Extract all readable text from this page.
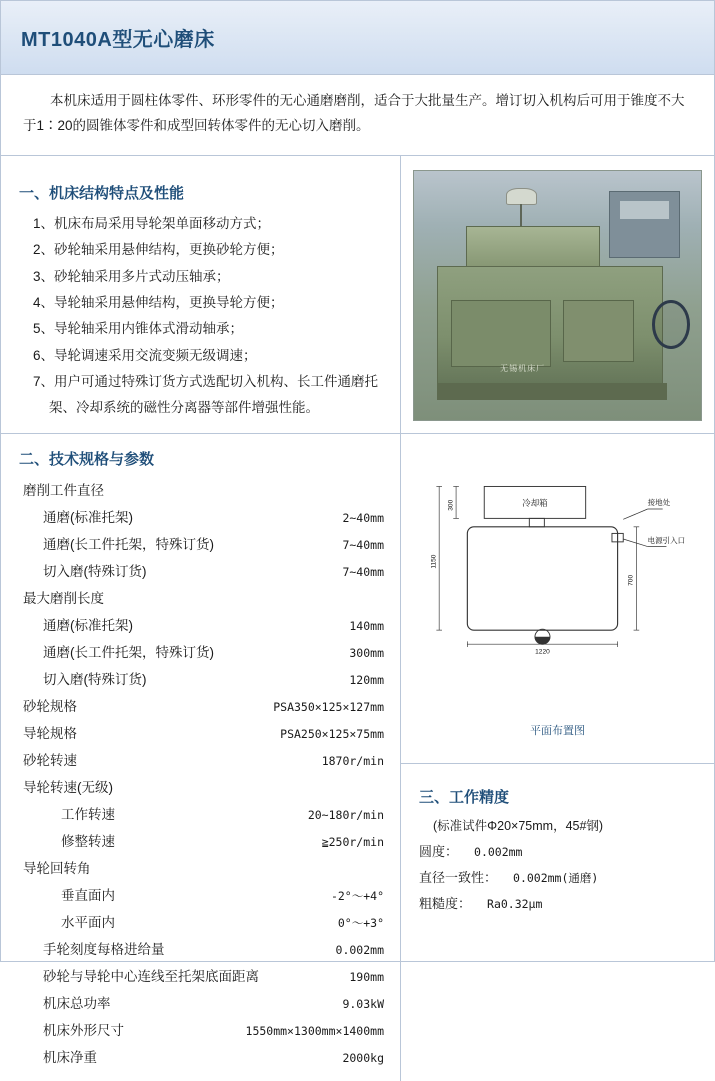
MT1040A型无心磨床

本机床适用于圆柱体零件、环形零件的无心通磨磨削，适合于大批量生产。增订切入机构后可用于锥度不大于1∶20的圆锥体零件和成型回转体零件的无心切入磨削。

一、机床结构特点及性能
1、机床布局采用导轮架单面移动方式；
2、砂轮轴采用悬伸结构，更换砂轮方便；
3、砂轮轴采用多片式动压轴承；
4、导轮轴采用悬伸结构，更换导轮方便；
5、导轮轴采用内锥体式滑动轴承；
6、导轮调速采用交流变频无级调速；
7、用户可通过特殊订货方式选配切入机构、长工件通磨托
架、冷却系统的磁性分离器等部件增强性能。
无锡机床厂
二、技术规格与参数
磨削工件直径
通磨(标准托架)	2~40mm
通磨(长工件托架，特殊订货)	7~40mm
切入磨(特殊订货)	7~40mm
最大磨削长度
通磨(标准托架)	140mm
通磨(长工件托架，特殊订货)	300mm
切入磨(特殊订货)	120mm
砂轮规格	PSA350×125×127mm
导轮规格	PSA250×125×75mm
砂轮转速	1870r/min
导轮转速(无级)
工作转速	20~180r/min
修整转速	≧250r/min
导轮回转角
垂直面内	-2°～+4°
水平面内	0°～+3°
手轮刻度每格进给量	0.002mm
砂轮与导轮中心连线至托架底面距离	190mm
机床总功率	9.03kW
机床外形尺寸	1550mm×1300mm×1400mm
机床净重	2000kg
冷却箱	接地处
电源引入口
300
1150
700
1220
平面布置图
三、工作精度
(标准试件Φ20×75mm，45#钢)
圆度： 0.002mm
直径一致性： 0.002mm(通磨)
粗糙度： Ra0.32μm
